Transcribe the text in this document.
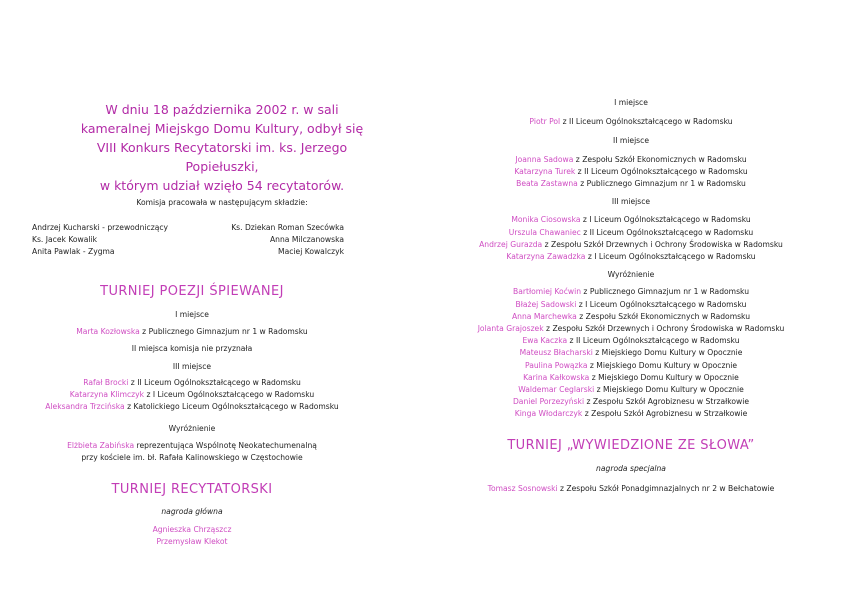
W dniu 18 października 2002 r. w sali
kameralnej Miejskgo Domu Kultury, odbył się
VIII Konkurs Recytatorski im. ks. Jerzego Popiełuszki,
w którym udział wzięło 54 recytatorów.
Komisja pracowała w następującym składzie:
Andrzej Kucharski - przewodniczący
Ks. Jacek Kowalik
Anita Pawlak - Zygma
Ks. Dziekan Roman Szecówka
Anna Milczanowska
Maciej Kowalczyk
TURNIEJ POEZJI ŚPIEWANEJ
I miejsce
Marta Kozłowska z Publicznego Gimnazjum nr 1 w Radomsku
II miejsca komisja nie przyznała
III miejsce
Rafał Brocki z II Liceum Ogólnokształcącego w Radomsku
Katarzyna Klimczyk z I Liceum Ogólnokształcącego w Radomsku
Aleksandra Trzcińska z Katolickiego Liceum Ogólnokształcącego w Radomsku
Wyróżnienie
Elżbieta Zabińska reprezentująca Wspólnotę Neokatechumenalną
przy kościele im. bł. Rafała Kalinowskiego w Częstochowie
TURNIEJ RECYTATORSKI
nagroda główna
Agnieszka Chrząszcz
Przemysław Klekot
I miejsce
Piotr Pol z II Liceum Ogólnokształcącego w Radomsku
II miejsce
Joanna Sadowa z Zespołu Szkół Ekonomicznych w Radomsku
Katarzyna Turek z II Liceum Ogólnokształcącego w Radomsku
Beata Zastawna z Publicznego Gimnazjum nr 1 w Radomsku
III miejsce
Monika Ciosowska z I Liceum Ogólnokształcącego w Radomsku
Urszula Chawaniec z II Liceum Ogólnokształcącego w Radomsku
Andrzej Gurazda z Zespołu Szkół Drzewnych i Ochrony Środowiska w Radomsku
Katarzyna Zawadzka z I Liceum Ogólnokształcącego w Radomsku
Wyróżnienie
Bartłomiej Koćwin z Publicznego Gimnazjum nr 1 w Radomsku
Błażej Sadowski z I Liceum Ogólnokształcącego w Radomsku
Anna Marchewka z Zespołu Szkół Ekonomicznych w Radomsku
Jolanta Grajoszek z Zespołu Szkół Drzewnych i Ochrony Środowiska w Radomsku
Ewa Kaczka z II Liceum Ogólnokształcącego w Radomsku
Mateusz Błacharski z Miejskiego Domu Kultury w Opocznie
Paulina Powązka z Miejskiego Domu Kultury w Opocznie
Karina Kałkowska z Miejskiego Domu Kultury w Opocznie
Waldemar Ceglarski z Miejskiego Domu Kultury w Opocznie
Daniel Porzezyński z Zespołu Szkół Agrobiznesu w Strzałkowie
Kinga Włodarczyk z Zespołu Szkół Agrobiznesu w Strzałkowie
TURNIEJ „WYWIEDZIONE ZE SŁOWA”
nagroda specjalna
Tomasz Sosnowski z Zespołu Szkół Ponadgimnazjalnych nr 2 w Bełchatowie
